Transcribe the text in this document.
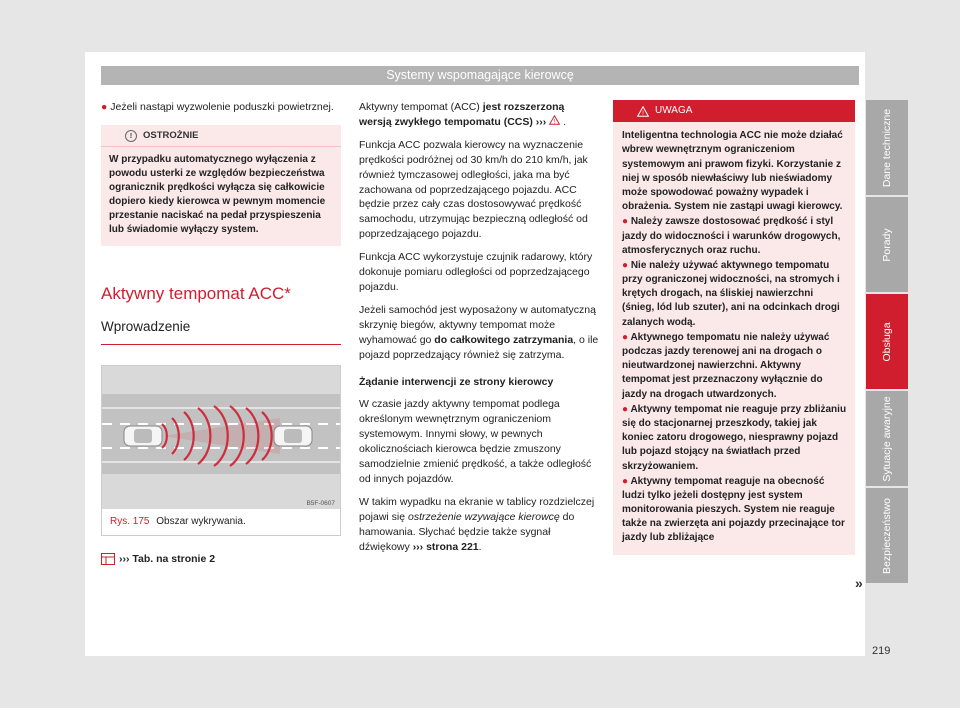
Systemy wspomagające kierowcę

● Jeżeli nastąpi wyzwolenie poduszki powietrznej.

!	OSTROŻNIE
W przypadku automatycznego wyłączenia z powodu usterki ze względów bezpieczeństwa ogranicznik prędkości wyłącza się całkowicie dopiero kiedy kierowca w pewnym momencie przestanie naciskać na pedał przyspieszenia lub świadomie wyłączy system.
Aktywny tempomat ACC*
Wprowadzenie
B5F-0607
Rys. 175 Obszar wykrywania.
››› Tab. na stronie 2

Aktywny tempomat (ACC) jest rozszerzoną wersją zwykłego tempomatu (CCS) ››› ! .

Funkcja ACC pozwala kierowcy na wyznaczenie prędkości podróżnej od 30 km/h do 210 km/h, jak również tymczasowej odległości, jaka ma być zachowana od poprzedzającego pojazdu. ACC będzie przez cały czas dostosowywać prędkość samochodu, utrzymując bezpieczną odległość od poprzedzającego pojazdu.

Funkcja ACC wykorzystuje czujnik radarowy, który dokonuje pomiaru odległości od poprzedzającego pojazdu.

Jeżeli samochód jest wyposażony w automatyczną skrzynię biegów, aktywny tempomat może wyhamować go do całkowitego zatrzymania, o ile pojazd poprzedzający również się zatrzyma.

Żądanie interwencji ze strony kierowcy

W czasie jazdy aktywny tempomat podlega określonym wewnętrznym ograniczeniom systemowym. Innymi słowy, w pewnych okolicznościach kierowca będzie zmuszony samodzielnie zmienić prędkość, a także odległość od innych pojazdów.

W takim wypadku na ekranie w tablicy rozdzielczej pojawi się ostrzeżenie wzywające kierowcę do hamowania. Słychać będzie także sygnał dźwiękowy ››› strona 221.

! UWAGA

Inteligentna technologia ACC nie może działać wbrew wewnętrznym ograniczeniom systemowym ani prawom fizyki. Korzystanie z niej w sposób niewłaściwy lub nieświadomy może spowodować poważny wypadek i obrażenia. System nie zastąpi uwagi kierowcy.

● Należy zawsze dostosować prędkość i styl jazdy do widoczności i warunków drogowych, atmosferycznych oraz ruchu.

● Nie należy używać aktywnego tempomatu przy ograniczonej widoczności, na stromych i krętych drogach, na śliskiej nawierzchni (śnieg, lód lub szuter), ani na odcinkach drogi zalanych wodą.

● Aktywnego tempomatu nie należy używać podczas jazdy terenowej ani na drogach o nieutwardzonej nawierzchni. Aktywny tempomat jest przeznaczony wyłącznie do jazdy na drogach utwardzonych.

● Aktywny tempomat nie reaguje przy zbliżaniu się do stacjonarnej przeszkody, takiej jak koniec zatoru drogowego, niesprawny pojazd lub pojazd stojący na światłach przed skrzyżowaniem.

● Aktywny tempomat reaguje na obecność ludzi tylko jeżeli dostępny jest system monitorowania pieszych. System nie reaguje także na zwierzęta ani pojazdy przecinające tor jazdy lub zbliżające

»
Dane techniczne
Porady
Obsługa
Sytuacje awaryjne
Bezpieczeństwo
219
